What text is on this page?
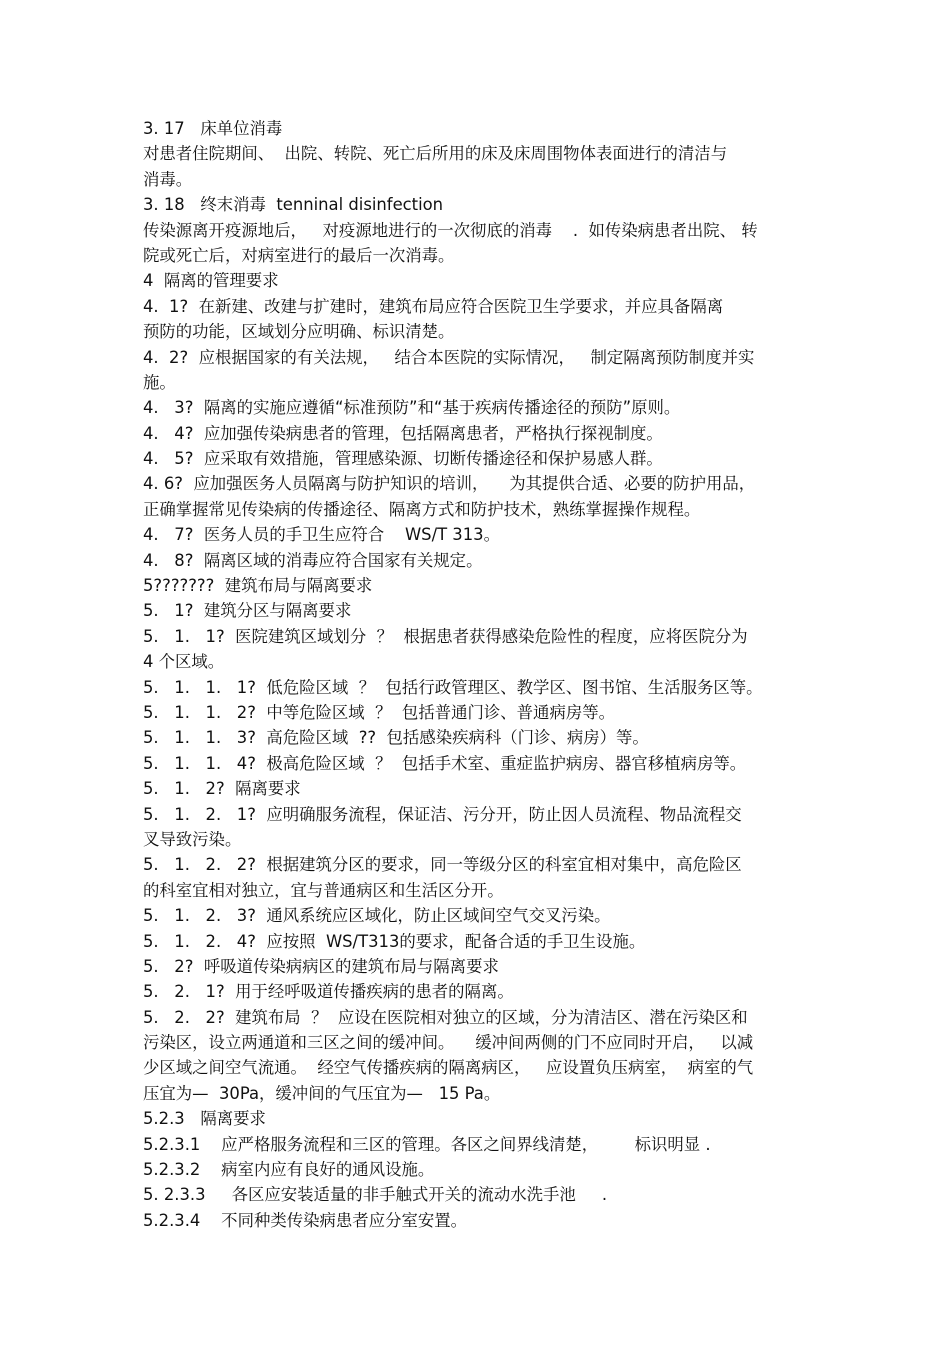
3. 17   床单位消毒
对患者住院期间、  出院、转院、死亡后所用的床及床周围物体表面进行的清洁与
消毒。
3. 18   终末消毒  tenninal disinfection
传染源离开疫源地后，   对疫源地进行的一次彻底的消毒    .  如传染病患者出院、 转
院或死亡后，对病室进行的最后一次消毒。
4  隔离的管理要求
4.  1?  在新建、改建与扩建时，建筑布局应符合医院卫生学要求，并应具备隔离
预防的功能，区域划分应明确、标识清楚。
4.  2?  应根据国家的有关法规，   结合本医院的实际情况，   制定隔离预防制度并实
施。
4.   3?  隔离的实施应遵循“标准预防”和“基于疾病传播途径的预防”原则。
4.   4?  应加强传染病患者的管理，包括隔离患者，严格执行探视制度。
4.   5?  应采取有效措施，管理感染源、切断传播途径和保护易感人群。
4. 6?  应加强医务人员隔离与防护知识的培训，    为其提供合适、必要的防护用品，
正确掌握常见传染病的传播途径、隔离方式和防护技术，熟练掌握操作规程。
4.   7?  医务人员的手卫生应符合    WS/T 313。
4.   8?  隔离区域的消毒应符合国家有关规定。
5???????  建筑布局与隔离要求
5.   1?  建筑分区与隔离要求
5.   1.   1?  医院建筑区域划分  ？  根据患者获得感染危险性的程度，应将医院分为
4 个区域。
5.   1.   1.   1?  低危险区域  ？  包括行政管理区、教学区、图书馆、生活服务区等。
5.   1.   1.   2?  中等危险区域  ？  包括普通门诊、普通病房等。
5.   1.   1.   3?  高危险区域  ??  包括感染疾病科（门诊、病房）等。
5.   1.   1.   4?  极高危险区域  ？  包括手术室、重症监护病房、器官移植病房等。
5.   1.   2?  隔离要求
5.   1.   2.   1?  应明确服务流程，保证洁、污分开，防止因人员流程、物品流程交
叉导致污染。
5.   1.   2.   2?  根据建筑分区的要求，同一等级分区的科室宜相对集中，高危险区
的科室宜相对独立，宜与普通病区和生活区分开。
5.   1.   2.   3?  通风系统应区域化，防止区域间空气交叉污染。
5.   1.   2.   4?  应按照  WS/T313的要求，配备合适的手卫生设施。
5.   2?  呼吸道传染病病区的建筑布局与隔离要求
5.   2.   1?  用于经呼吸道传播疾病的患者的隔离。
5.   2.   2?  建筑布局  ？  应设在医院相对独立的区域，分为清洁区、潜在污染区和
污染区，设立两通道和三区之间的缓冲间。    缓冲间两侧的门不应同时开启，   以减
少区域之间空气流通。  经空气传播疾病的隔离病区，   应设置负压病室，  病室的气
压宜为—  30Pa，缓冲间的气压宜为—   15 Pa。
5.2.3   隔离要求
5.2.3.1    应严格服务流程和三区的管理。各区之间界线清楚，       标识明显 .
5.2.3.2    病室内应有良好的通风设施。
5. 2.3.3     各区应安装适量的非手触式开关的流动水洗手池     .
5.2.3.4    不同种类传染病患者应分室安置。
